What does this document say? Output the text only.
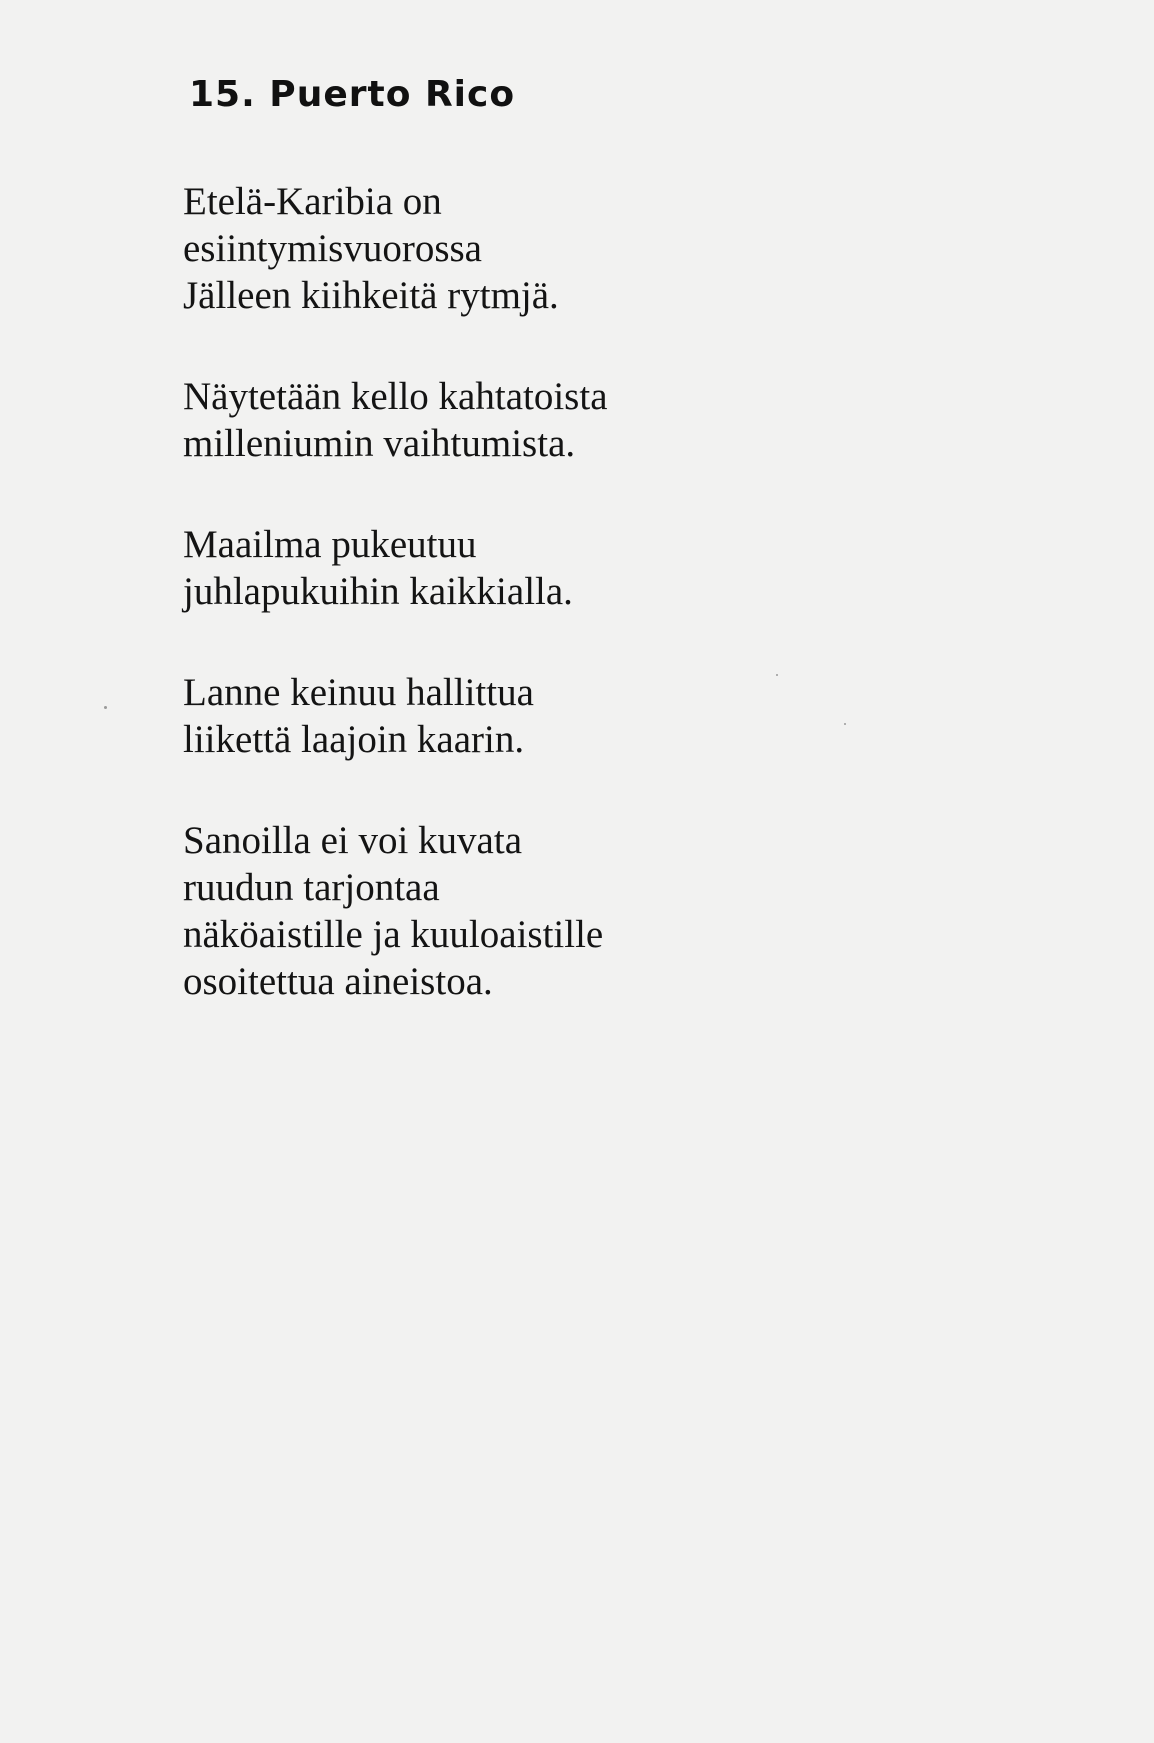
15. Puerto Rico
Etelä-Karibia on
esiintymisvuorossa
Jälleen kiihkeitä rytmjä.
Näytetään kello kahtatoista
milleniumin vaihtumista.
Maailma pukeutuu
juhlapukuihin kaikkialla.
Lanne keinuu hallittua
liikettä laajoin kaarin.
Sanoilla ei voi kuvata
ruudun tarjontaa
näköaistille ja kuuloaistille
osoitettua aineistoa.
